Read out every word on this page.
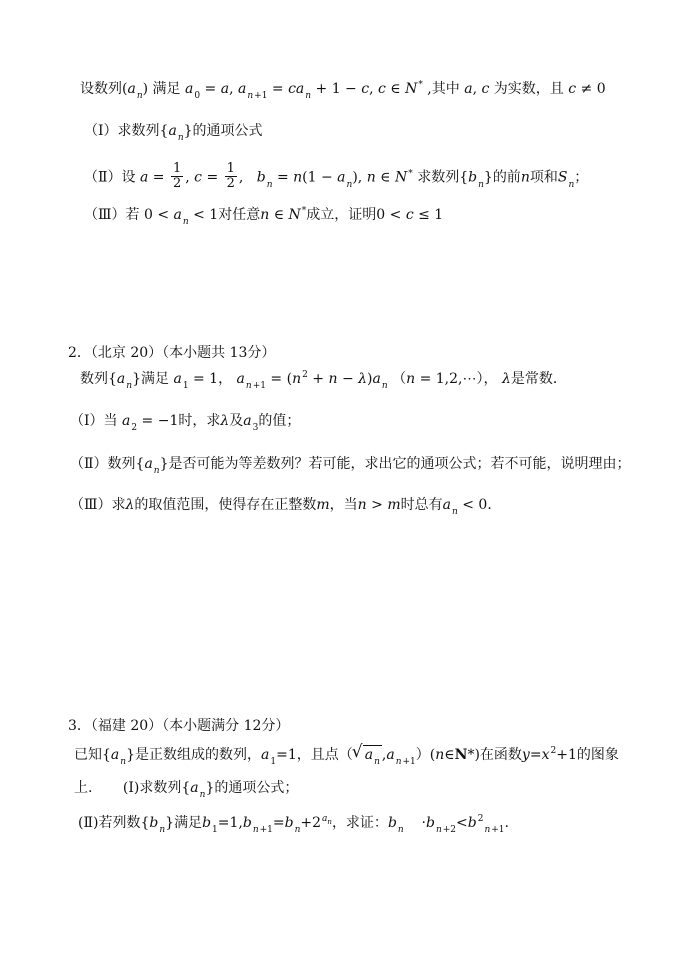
设数列$(a_n)$ 满足 $a_0 = a$, $a_{n+1} = ca_n + 1 - c$, c ∈ N* ,其中 a, c 为实数，且 c ≠ 0
（Ⅰ）求数列$\{a_n\}$的通项公式
（Ⅱ）设 $a = \frac{1}{2}$ , $c = \frac{1}{2}$ ,   $b_n = n(1 - a_n)$, n ∈ N* 求数列$\{b_n\}$的前n项和$S_n$；
（Ⅲ）若 $0 < a_n < 1$对任意n ∈ N*成立，证明0 < c ≤ 1
2．（北京 20）（本小题共 13分）
数列$\{a_n\}$满足 $a_1 = 1$， $a_{n+1} = (n^2 + n - \lambda)a_n$ （n = 1,2,⋯）， λ是常数．
（Ⅰ）当 $a_2 = -1$时，求λ及$a_3$的值；
（Ⅱ）数列$\{a_n\}$是否可能为等差数列？若可能，求出它的通项公式；若不可能，说明理由；
（Ⅲ）求λ的取值范围，使得存在正整数m，当n > m时总有$a_n < 0$．
3．（福建 20）（本小题满分 12分）
已知$\{a_n\}$是正数组成的数列，$a_1=1$，且点（√ $a_n$ $,a_{n+1})(n\in N*)$在函数$y=x^2+1$的图象
上. (Ⅰ)求数列$\{a_n\}$的通项公式；
(Ⅱ)若列数$\{b_n\}$满足$b_1=1,b_{n+1}=b_n+2^{a_n}$，求证：$b_n \cdot b_{n+2}<b^2_{n+1}$.
